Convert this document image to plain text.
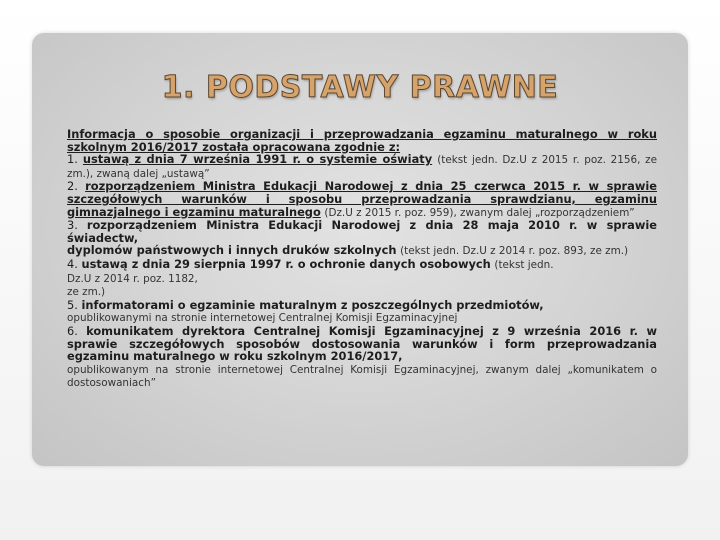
1. PODSTAWY PRAWNE

Informacja o sposobie organizacji i przeprowadzania egzaminu maturalnego w roku szkolnym 2016/2017 została opracowana zgodnie z:

1. ustawą z dnia 7 września 1991 r. o systemie oświaty (tekst jedn. Dz.U z 2015 r. poz. 2156, ze zm.), zwaną dalej „ustawą”

2. rozporządzeniem Ministra Edukacji Narodowej z dnia 25 czerwca 2015 r. w sprawie szczegółowych warunków i sposobu przeprowadzania sprawdzianu, egzaminu gimnazjalnego i egzaminu maturalnego (Dz.U z 2015 r. poz. 959), zwanym dalej „rozporządzeniem”

3. rozporządzeniem Ministra Edukacji Narodowej z dnia 28 maja 2010 r. w sprawie świadectw,
dyplomów państwowych i innych druków szkolnych (tekst jedn. Dz.U z 2014 r. poz. 893, ze zm.)

4. ustawą z dnia 29 sierpnia 1997 r. o ochronie danych osobowych (tekst jedn.
Dz.U z 2014 r. poz. 1182,
ze zm.)

5. informatorami o egzaminie maturalnym z poszczególnych przedmiotów,
opublikowanymi na stronie internetowej Centralnej Komisji Egzaminacyjnej

6. komunikatem dyrektora Centralnej Komisji Egzaminacyjnej z 9 września 2016 r. w sprawie szczegółowych sposobów dostosowania warunków i form przeprowadzania egzaminu maturalnego w roku szkolnym 2016/2017,
opublikowanym na stronie internetowej Centralnej Komisji Egzaminacyjnej, zwanym dalej „komunikatem o dostosowaniach”
